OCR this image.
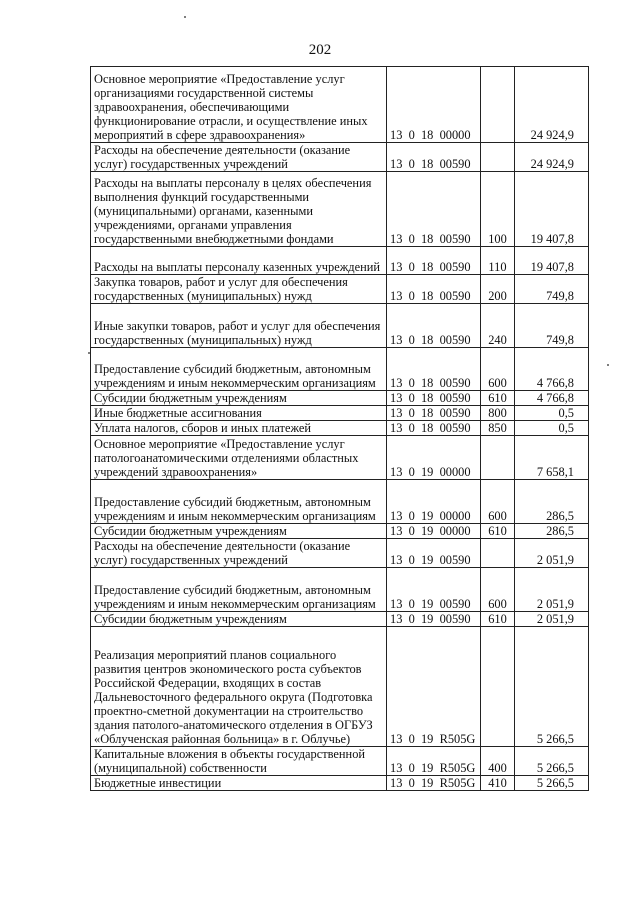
202
Основное мероприятие «Предоставление услуг организациями государственной системы здравоохранения, обеспечивающими функционирование отрасли, и осуществление иных мероприятий в сфере здравоохранения»	13  0  18  00000		24 924,9
Расходы на обеспечение деятельности (оказание услуг) государственных учреждений	13  0  18  00590		24 924,9
Расходы на выплаты персоналу в целях обеспечения выполнения функций государственными (муниципальными) органами, казенными учреждениями, органами управления государственными внебюджетными фондами	13  0  18  00590	100	19 407,8
Расходы на выплаты персоналу казенных учреждений	13  0  18  00590	110	19 407,8
Закупка товаров, работ и услуг для обеспечения государственных (муниципальных) нужд	13  0  18  00590	200	749,8
Иные закупки товаров, работ и услуг для обеспечения государственных (муниципальных) нужд	13  0  18  00590	240	749,8
Предоставление субсидий бюджетным, автономным учреждениям и иным некоммерческим организациям	13  0  18  00590	600	4 766,8
Субсидии бюджетным учреждениям	13  0  18  00590	610	4 766,8
Иные бюджетные ассигнования	13  0  18  00590	800	0,5
Уплата налогов, сборов и иных платежей	13  0  18  00590	850	0,5
Основное мероприятие «Предоставление услуг патологоанатомическими отделениями областных учреждений здравоохранения»	13  0  19  00000		7 658,1
Предоставление субсидий бюджетным, автономным учреждениям и иным некоммерческим организациям	13  0  19  00000	600	286,5
Субсидии бюджетным учреждениям	13  0  19  00000	610	286,5
Расходы на обеспечение деятельности (оказание услуг) государственных учреждений	13  0  19  00590		2 051,9
Предоставление субсидий бюджетным, автономным учреждениям и иным некоммерческим организациям	13  0  19  00590	600	2 051,9
Субсидии бюджетным учреждениям	13  0  19  00590	610	2 051,9
Реализация мероприятий планов социального развития центров экономического роста субъектов Российской Федерации, входящих в состав Дальневосточного федерального округа (Подготовка проектно-сметной документации на строительство здания патолого-анатомического отделения в ОГБУЗ «Облученская районная больница» в г. Облучье)	13  0  19  R505G		5 266,5
Капитальные вложения в объекты государственной (муниципальной) собственности	13  0  19  R505G	400	5 266,5
Бюджетные инвестиции	13  0  19  R505G	410	5 266,5
